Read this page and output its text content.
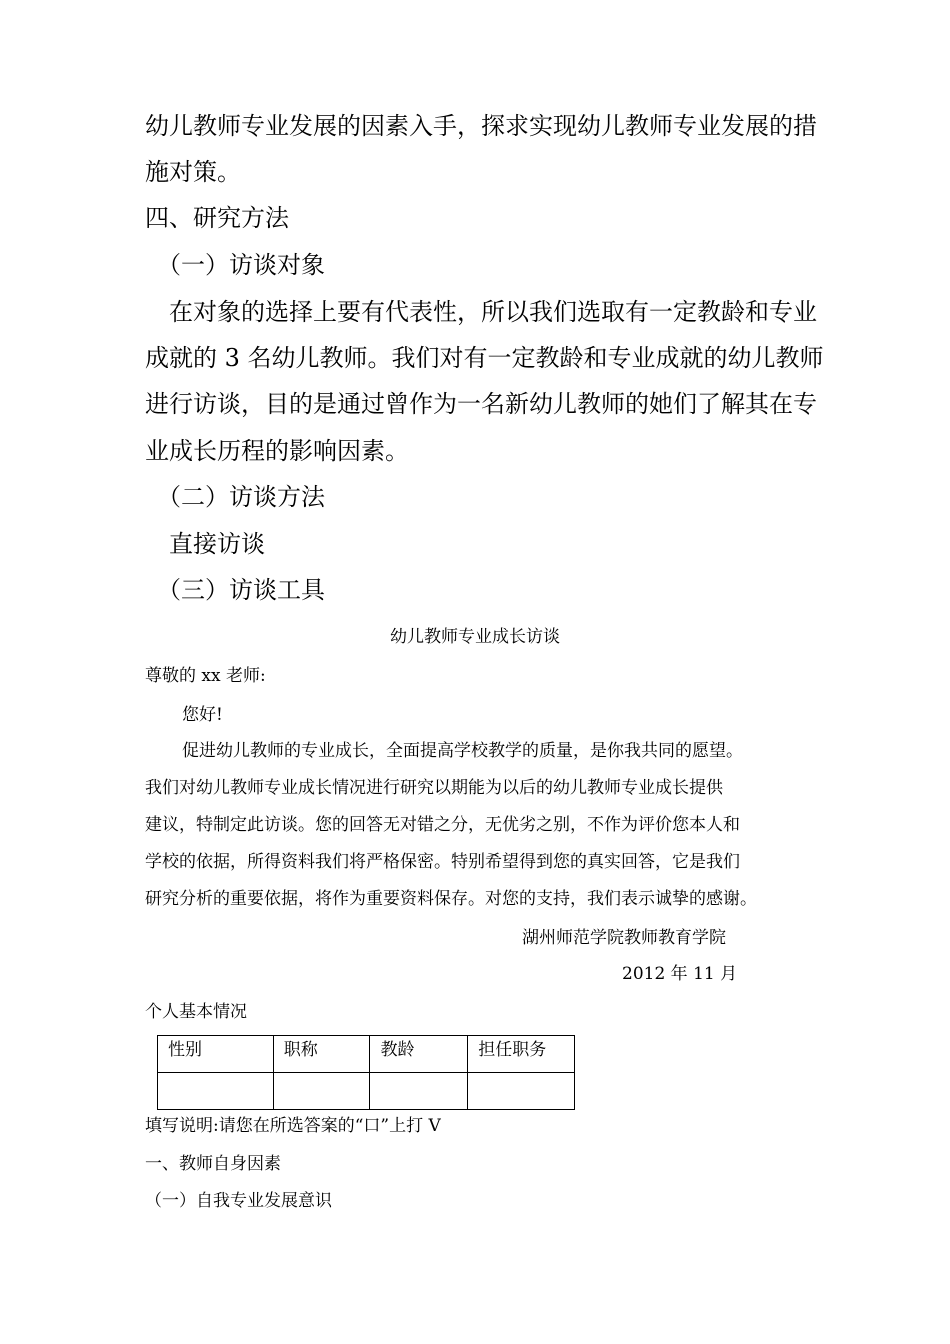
幼儿教师专业发展的因素入手，探求实现幼儿教师专业发展的措
施对策。
四、研究方法
（一）访谈对象
在对象的选择上要有代表性，所以我们选取有一定教龄和专业
成就的 3 名幼儿教师。我们对有一定教龄和专业成就的幼儿教师
进行访谈，目的是通过曾作为一名新幼儿教师的她们了解其在专
业成长历程的影响因素。
（二）访谈方法
直接访谈
（三）访谈工具
幼儿教师专业成长访谈
尊敬的 xx 老师:
您好!
促进幼儿教师的专业成长，全面提高学校教学的质量，是你我共同的愿望。
我们对幼儿教师专业成长情况进行研究以期能为以后的幼儿教师专业成长提供
建议，特制定此访谈。您的回答无对错之分，无优劣之别，不作为评价您本人和
学校的依据，所得资料我们将严格保密。特别希望得到您的真实回答，它是我们
研究分析的重要依据，将作为重要资料保存。对您的支持，我们表示诚挚的感谢。
湖州师范学院教师教育学院
2012 年 11 月
个人基本情况
性别	职称	教龄	担任职务

填写说明:请您在所选答案的“口”上打 V
一、教师自身因素
（一）自我专业发展意识
